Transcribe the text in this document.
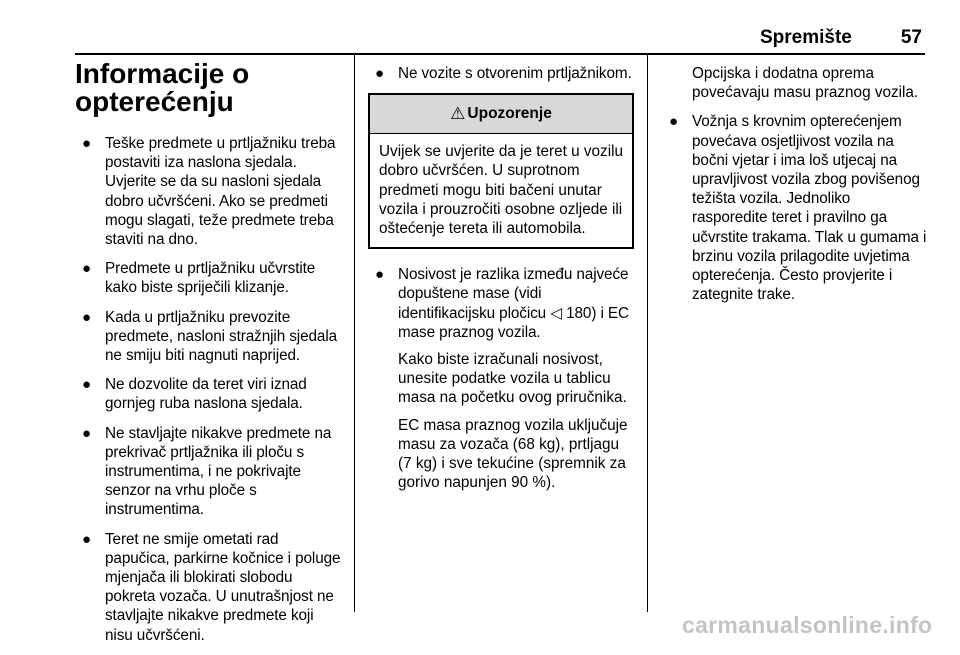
Spremište	57
Informacije o opterećenju
● Teške predmete u prtljažniku treba postaviti iza naslona sjedala. Uvjerite se da su nasloni sjedala dobro učvršćeni. Ako se predmeti mogu slagati, teže predmete treba staviti na dno.
● Predmete u prtljažniku učvrstite kako biste spriječili klizanje.
● Kada u prtljažniku prevozite predmete, nasloni stražnjih sjedala ne smiju biti nagnuti naprijed.
● Ne dozvolite da teret viri iznad gornjeg ruba naslona sjedala.
● Ne stavljajte nikakve predmete na prekrivač prtljažnika ili ploču s instrumentima, i ne pokrivajte senzor na vrhu ploče s instrumentima.
● Teret ne smije ometati rad papučica, parkirne kočnice i poluge mjenjača ili blokirati slobodu pokreta vozača. U unutrašnjost ne stavljajte nikakve predmete koji nisu učvršćeni.
● Ne vozite s otvorenim prtljažnikom.
⚠ Upozorenje
Uvijek se uvjerite da je teret u vozilu dobro učvršćen. U suprotnom predmeti mogu biti bačeni unutar vozila i prouzročiti osobne ozljede ili oštećenje tereta ili automobila.
● Nosivost je razlika između najveće dopuštene mase (vidi identifikacijsku pločicu ◁ 180) i EC mase praznog vozila.

Kako biste izračunali nosivost, unesite podatke vozila u tablicu masa na početku ovog priručnika.

EC masa praznog vozila uključuje masu za vozača (68 kg), prtljagu (7 kg) i sve tekućine (spremnik za gorivo napunjen 90 %).

Opcijska i dodatna oprema povećavaju masu praznog vozila.

● Vožnja s krovnim opterećenjem povećava osjetljivost vozila na bočni vjetar i ima loš utjecaj na upravljivost vozila zbog povišenog težišta vozila. Jednoliko rasporedite teret i pravilno ga učvrstite trakama. Tlak u gumama i brzinu vozila prilagodite uvjetima opterećenja. Često provjerite i zategnite trake.
carmanualsonline.info
